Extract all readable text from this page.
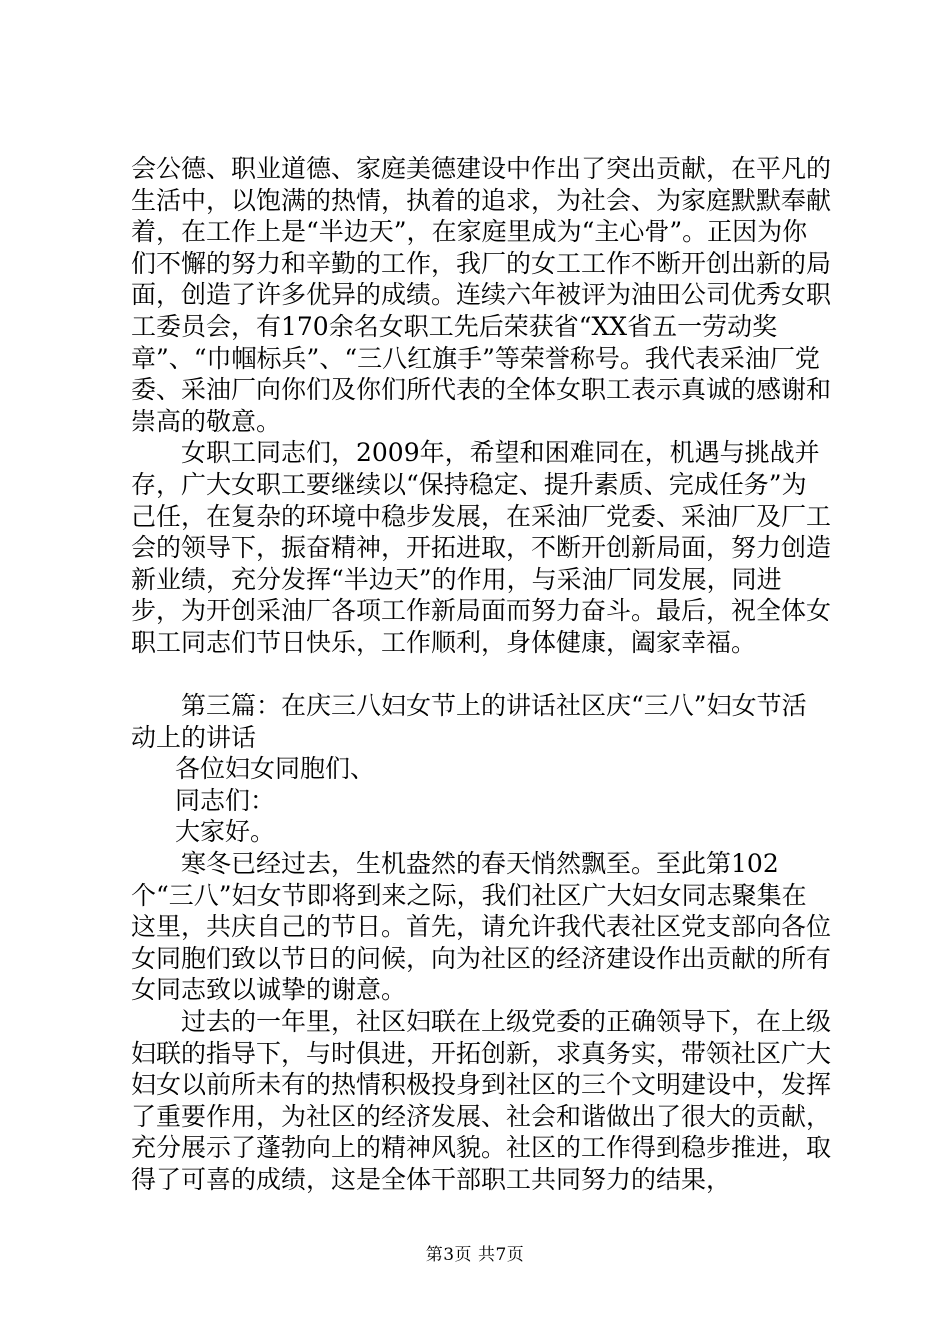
会公德、职业道德、家庭美德建设中作出了突出贡献，在平凡的生活中，以饱满的热情，执着的追求，为社会、为家庭默默奉献着，在工作上是“半边天”，在家庭里成为“主心骨”。正因为你们不懈的努力和辛勤的工作，我厂的女工工作不断开创出新的局面，创造了许多优异的成绩。连续六年被评为油田公司优秀女职工委员会，有170余名女职工先后荣获省“XX省五一劳动奖章”、“巾帼标兵”、“三八红旗手”等荣誉称号。我代表采油厂党委、采油厂向你们及你们所代表的全体女职工表示真诚的感谢和崇高的敬意。

女职工同志们，2009年，希望和困难同在，机遇与挑战并存，广大女职工要继续以“保持稳定、提升素质、完成任务”为己任，在复杂的环境中稳步发展，在采油厂党委、采油厂及厂工会的领导下，振奋精神，开拓进取，不断开创新局面，努力创造新业绩，充分发挥“半边天”的作用，与采油厂同发展，同进步，为开创采油厂各项工作新局面而努力奋斗。最后，祝全体女职工同志们节日快乐，工作顺利，身体健康，阖家幸福。

第三篇：在庆三八妇女节上的讲话社区庆“三八”妇女节活动上的讲话

各位妇女同胞们、

同志们：

大家好。

寒冬已经过去，生机盎然的春天悄然飘至。至此第102个“三八”妇女节即将到来之际，我们社区广大妇女同志聚集在这里，共庆自己的节日。首先，请允许我代表社区党支部向各位女同胞们致以节日的问候，向为社区的经济建设作出贡献的所有女同志致以诚挚的谢意。

过去的一年里，社区妇联在上级党委的正确领导下，在上级妇联的指导下，与时俱进，开拓创新，求真务实，带领社区广大妇女以前所未有的热情积极投身到社区的三个文明建设中，发挥了重要作用，为社区的经济发展、社会和谐做出了很大的贡献，充分展示了蓬勃向上的精神风貌。社区的工作得到稳步推进，取得了可喜的成绩，这是全体干部职工共同努力的结果，

第3页 共7页
